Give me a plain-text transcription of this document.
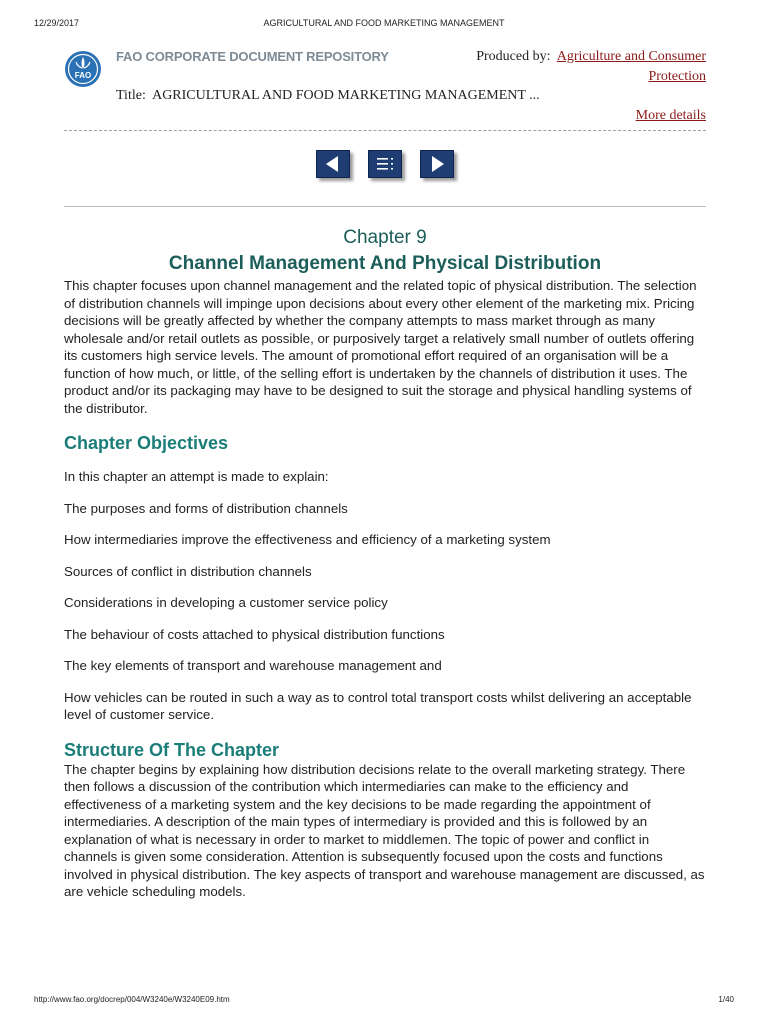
12/29/2017	AGRICULTURAL AND FOOD MARKETING MANAGEMENT
FAO
FAO CORPORATE DOCUMENT REPOSITORY	Produced by: Agriculture and Consumer Protection
Title: AGRICULTURAL AND FOOD MARKETING MANAGEMENT ...
More details

Chapter 9
Channel Management And Physical Distribution

This chapter focuses upon channel management and the related topic of physical distribution. The selection of distribution channels will impinge upon decisions about every other element of the marketing mix. Pricing decisions will be greatly affected by whether the company attempts to mass market through as many wholesale and/or retail outlets as possible, or purposively target a relatively small number of outlets offering its customers high service levels. The amount of promotional effort required of an organisation will be a function of how much, or little, of the selling effort is undertaken by the channels of distribution it uses. The product and/or its packaging may have to be designed to suit the storage and physical handling systems of the distributor.

Chapter Objectives

In this chapter an attempt is made to explain:

The purposes and forms of distribution channels

How intermediaries improve the effectiveness and efficiency of a marketing system

Sources of conflict in distribution channels

Considerations in developing a customer service policy

The behaviour of costs attached to physical distribution functions

The key elements of transport and warehouse management and

How vehicles can be routed in such a way as to control total transport costs whilst delivering an acceptable level of customer service.

Structure Of The Chapter

The chapter begins by explaining how distribution decisions relate to the overall marketing strategy. There then follows a discussion of the contribution which intermediaries can make to the efficiency and effectiveness of a marketing system and the key decisions to be made regarding the appointment of intermediaries. A description of the main types of intermediary is provided and this is followed by an explanation of what is necessary in order to market to middlemen. The topic of power and conflict in channels is given some consideration. Attention is subsequently focused upon the costs and functions involved in physical distribution. The key aspects of transport and warehouse management are discussed, as are vehicle scheduling models.

http://www.fao.org/docrep/004/W3240e/W3240E09.htm	1/40
